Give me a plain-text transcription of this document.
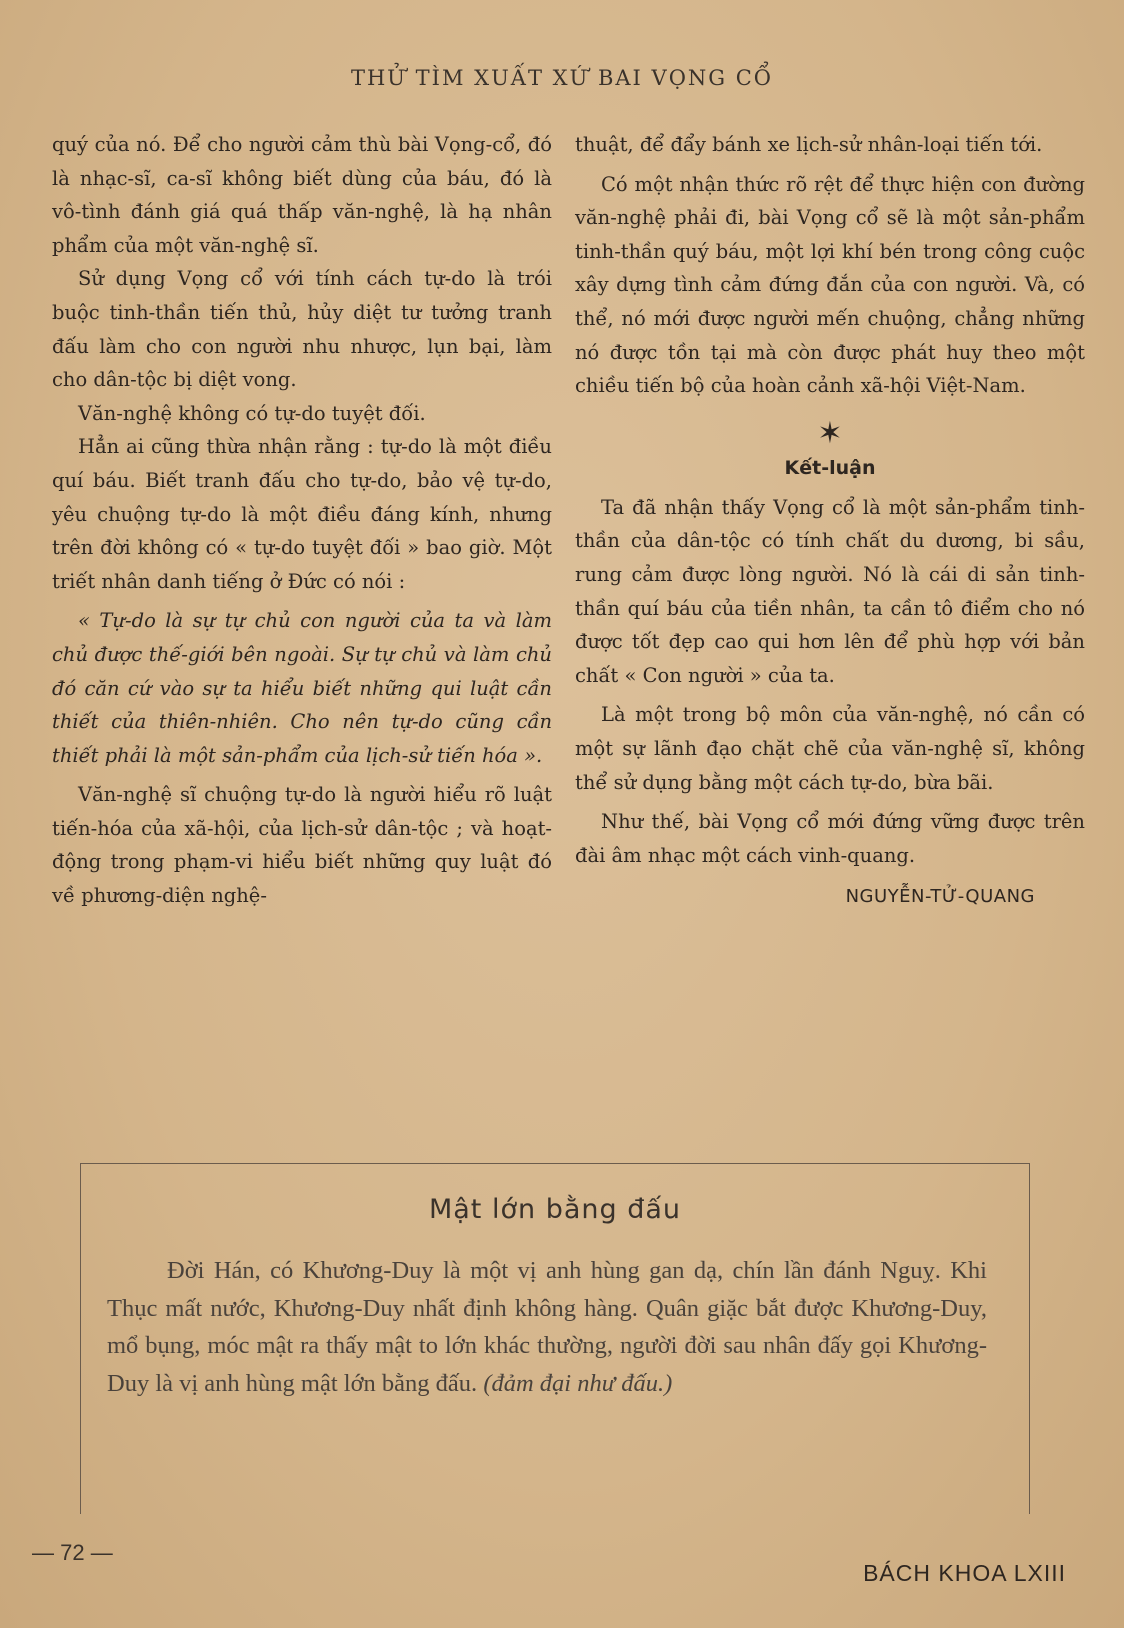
THỬ TÌM XUẤT XỨ BAI VỌNG CỔ

quý của nó. Để cho người cảm thù bài Vọng-cổ, đó là nhạc-sĩ, ca-sĩ không biết dùng của báu, đó là vô-tình đánh giá quá thấp văn-nghệ, là hạ nhân phẩm của một văn-nghệ sĩ.

Sử dụng Vọng cổ với tính cách tự-do là trói buộc tinh-thần tiến thủ, hủy diệt tư tưởng tranh đấu làm cho con người nhu nhược, lụn bại, làm cho dân-tộc bị diệt vong.

Văn-nghệ không có tự-do tuyệt đối.

Hẳn ai cũng thừa nhận rằng : tự-do là một điều quí báu. Biết tranh đấu cho tự-do, bảo vệ tự-do, yêu chuộng tự-do là một điều đáng kính, nhưng trên đời không có « tự-do tuyệt đối » bao giờ. Một triết nhân danh tiếng ở Đức có nói :

« Tự-do là sự tự chủ con người của ta và làm chủ được thế-giới bên ngoài. Sự tự chủ và làm chủ đó căn cứ vào sự ta hiểu biết những qui luật cần thiết của thiên-nhiên. Cho nên tự-do cũng cần thiết phải là một sản-phẩm của lịch-sử tiến hóa ».

Văn-nghệ sĩ chuộng tự-do là người hiểu rõ luật tiến-hóa của xã-hội, của lịch-sử dân-tộc ; và hoạt-động trong phạm-vi hiểu biết những quy luật đó về phương-diện nghệ-

thuật, để đẩy bánh xe lịch-sử nhân-loại tiến tới.

Có một nhận thức rõ rệt để thực hiện con đường văn-nghệ phải đi, bài Vọng cổ sẽ là một sản-phẩm tinh-thần quý báu, một lợi khí bén trong công cuộc xây dựng tình cảm đứng đắn của con người. Và, có thể, nó mới được người mến chuộng, chẳng những nó được tồn tại mà còn được phát huy theo một chiều tiến bộ của hoàn cảnh xã-hội Việt-Nam.

✶
Kết-luận

Ta đã nhận thấy Vọng cổ là một sản-phẩm tinh-thần của dân-tộc có tính chất du dương, bi sầu, rung cảm được lòng người. Nó là cái di sản tinh-thần quí báu của tiền nhân, ta cần tô điểm cho nó được tốt đẹp cao qui hơn lên để phù hợp với bản chất « Con người » của ta.

Là một trong bộ môn của văn-nghệ, nó cần có một sự lãnh đạo chặt chẽ của văn-nghệ sĩ, không thể sử dụng bằng một cách tự-do, bừa bãi.

Như thế, bài Vọng cổ mới đứng vững được trên đài âm nhạc một cách vinh-quang.

NGUYỄN-TỬ-QUANG
Mật lớn bằng đấu

Đời Hán, có Khương-Duy là một vị anh hùng gan dạ, chín lần đánh Nguỵ. Khi Thục mất nước, Khương-Duy nhất định không hàng. Quân giặc bắt được Khương-Duy, mổ bụng, móc mật ra thấy mật to lớn khác thường, người đời sau nhân đấy gọi Khương-Duy là vị anh hùng mật lớn bằng đấu. (đảm đại như đấu.)

— 72 —
BÁCH KHOA LXIII
